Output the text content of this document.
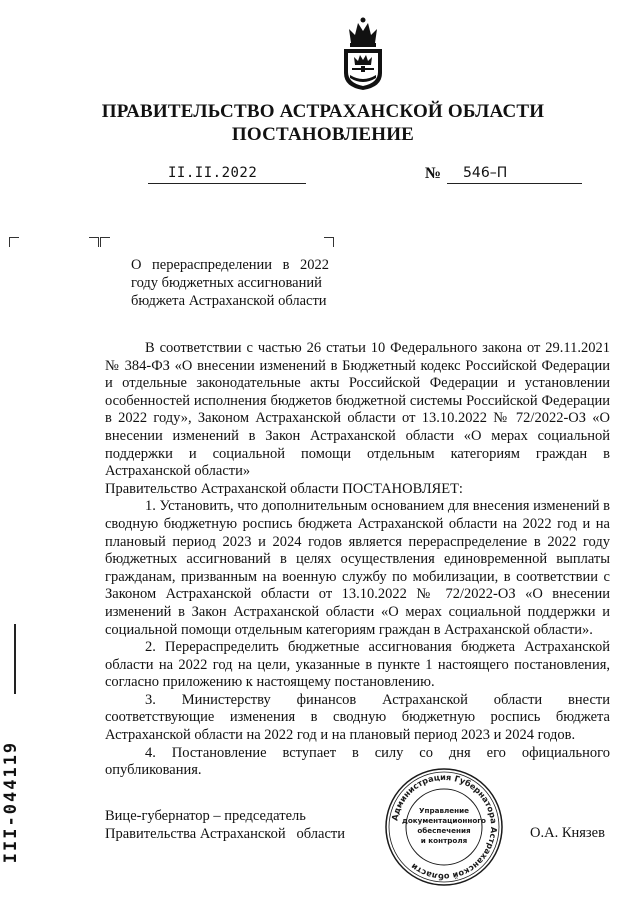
ПРАВИТЕЛЬСТВО АСТРАХАНСКОЙ ОБЛАСТИ
ПОСТАНОВЛЕНИЕ
II.II.2022	№	546–П
О перераспределении в 2022
году бюджетных ассигнований
бюджета Астраханской области

В соответствии с частью 26 статьи 10 Федерального закона от 29.11.2021 № 384-ФЗ «О внесении изменений в Бюджетный кодекс Российской Федерации и отдельные законодательные акты Российской Федерации и установлении особенностей исполнения бюджетов бюджетной системы Российской Федерации в 2022 году», Законом Астраханской области от 13.10.2022 № 72/2022-ОЗ «О внесении изменений в Закон Астраханской области «О мерах социальной поддержки и социальной помощи отдельным категориям граждан в Астраханской области»

Правительство Астраханской области ПОСТАНОВЛЯЕТ:

1. Установить, что дополнительным основанием для внесения изменений в сводную бюджетную роспись бюджета Астраханской области на 2022 год и на плановый период 2023 и 2024 годов является перераспределение в 2022 году бюджетных ассигнований в целях осуществления единовременной выплаты гражданам, призванным на военную службу по мобилизации, в соответствии с Законом Астраханской области от 13.10.2022 № 72/2022-ОЗ «О внесении изменений в Закон Астраханской области «О мерах социальной поддержки и социальной помощи отдельным категориям граждан в Астраханской области».

2. Перераспределить бюджетные ассигнования бюджета Астраханской области на 2022 год на цели, указанные в пункте 1 настоящего постановления, согласно приложению к настоящему постановлению.

3. Министерству финансов Астраханской области внести соответствующие изменения в сводную бюджетную роспись бюджета Астраханской области на 2022 год и на плановый период 2023 и 2024 годов.

4. Постановление вступает в силу со дня его официального опубликования.

Вице-губернатор – председатель
Правительства Астраханской   области	О.А. Князев
Администрация Губернатора Астраханской области
Управление
документационного
обеспечения
и контроля
III-044119
